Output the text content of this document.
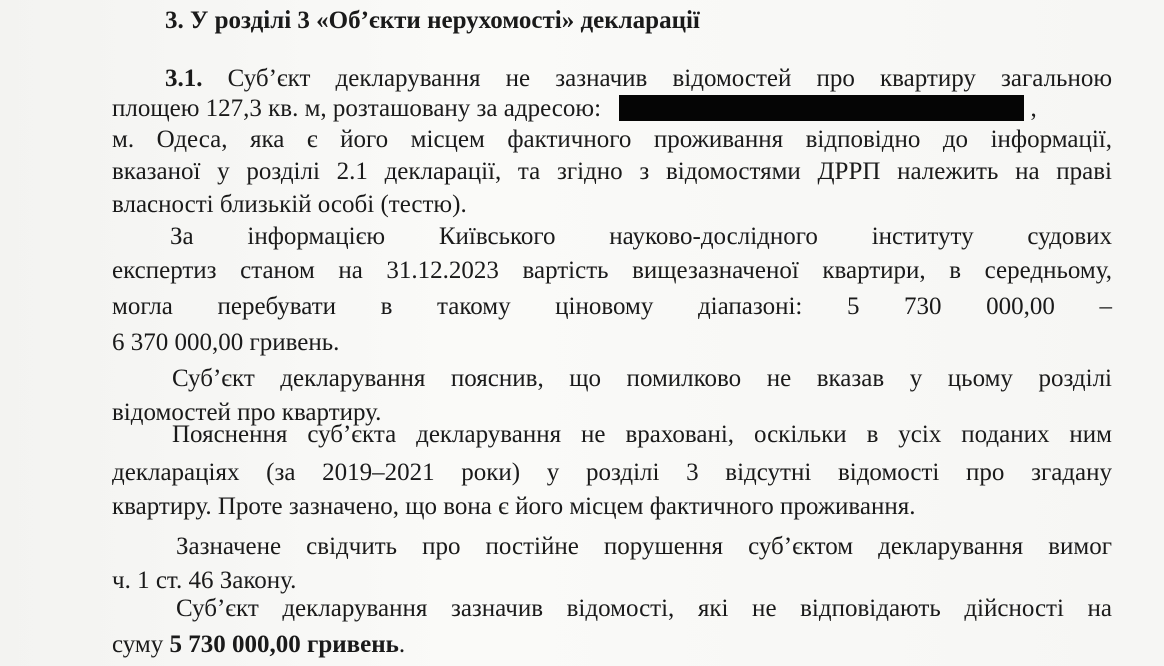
3. У розділі 3 «Об’єкти нерухомості» декларації
3.1. Суб’єкт декларування не зазначив відомостей про квартиру загальною
площею 127,3 кв. м, розташовану за адресою:	,
м. Одеса, яка є його місцем фактичного проживання відповідно до інформації,
вказаної у розділі 2.1 декларації, та згідно з відомостями ДРРП належить на праві
власності близькій особі (тестю).
За інформацією Київського науково-дослідного інституту судових
експертиз станом на 31.12.2023 вартість вищезазначеної квартири, в середньому,
могла перебувати в такому ціновому діапазоні: 5 730 000,00 –
6 370 000,00 гривень.
Суб’єкт декларування пояснив, що помилково не вказав у цьому розділі
відомостей про квартиру.
Пояснення суб’єкта декларування не враховані, оскільки в усіх поданих ним
деклараціях (за 2019–2021 роки) у розділі 3 відсутні відомості про згадану
квартиру. Проте зазначено, що вона є його місцем фактичного проживання.
Зазначене свідчить про постійне порушення суб’єктом декларування вимог
ч. 1 ст. 46 Закону.
Суб’єкт декларування зазначив відомості, які не відповідають дійсності на
суму 5 730 000,00 гривень.
